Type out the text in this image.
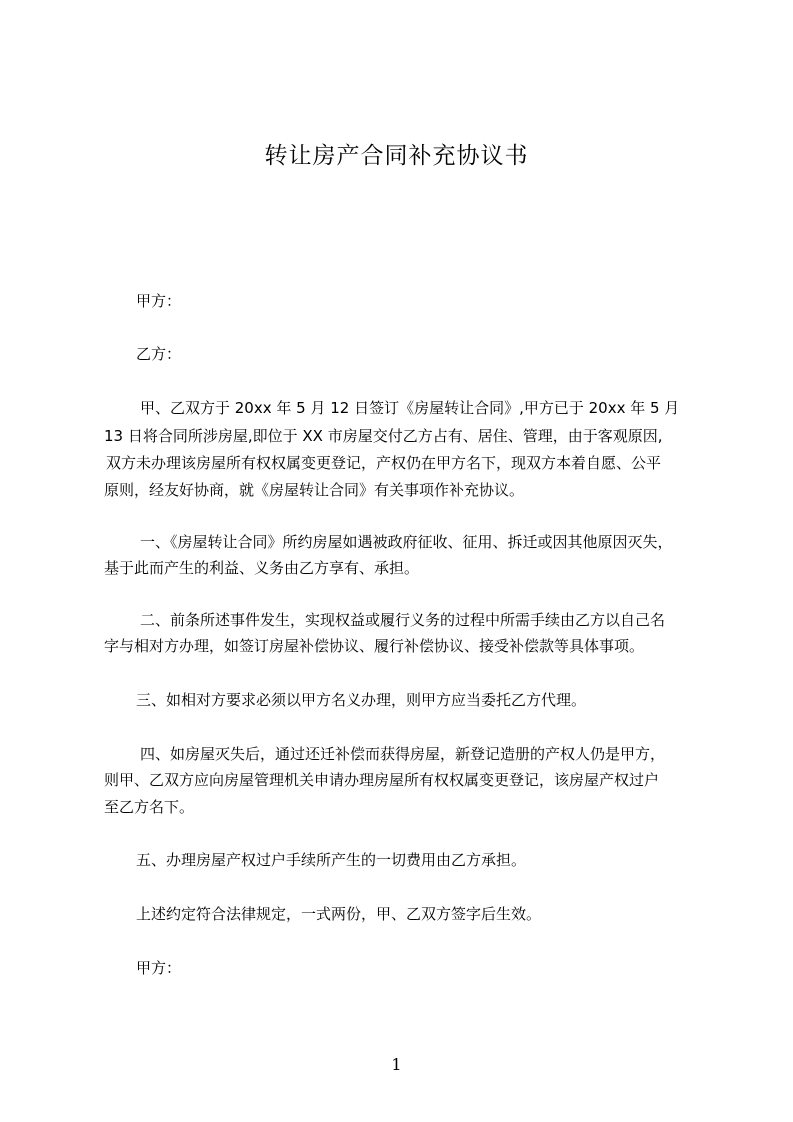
转让房产合同补充协议书
甲方：
乙方：
甲、乙双方于 20xx 年 5 月 12 日签订《房屋转让合同》,甲方已于 20xx 年 5 月
13 日将合同所涉房屋,即位于 XX 市房屋交付乙方占有、居住、管理，由于客观原因,
双方未办理该房屋所有权权属变更登记，产权仍在甲方名下，现双方本着自愿、公平
原则，经友好协商，就《房屋转让合同》有关事项作补充协议。
一、《房屋转让合同》所约房屋如遇被政府征收、征用、拆迁或因其他原因灭失，
基于此而产生的利益、义务由乙方享有、承担。
二、前条所述事件发生，实现权益或履行义务的过程中所需手续由乙方以自己名
字与相对方办理，如签订房屋补偿协议、履行补偿协议、接受补偿款等具体事项。
三、如相对方要求必须以甲方名义办理，则甲方应当委托乙方代理。
四、如房屋灭失后，通过还迁补偿而获得房屋，新登记造册的产权人仍是甲方，
则甲、乙双方应向房屋管理机关申请办理房屋所有权权属变更登记，该房屋产权过户
至乙方名下。
五、办理房屋产权过户手续所产生的一切费用由乙方承担。
上述约定符合法律规定，一式两份，甲、乙双方签字后生效。
甲方：
1
